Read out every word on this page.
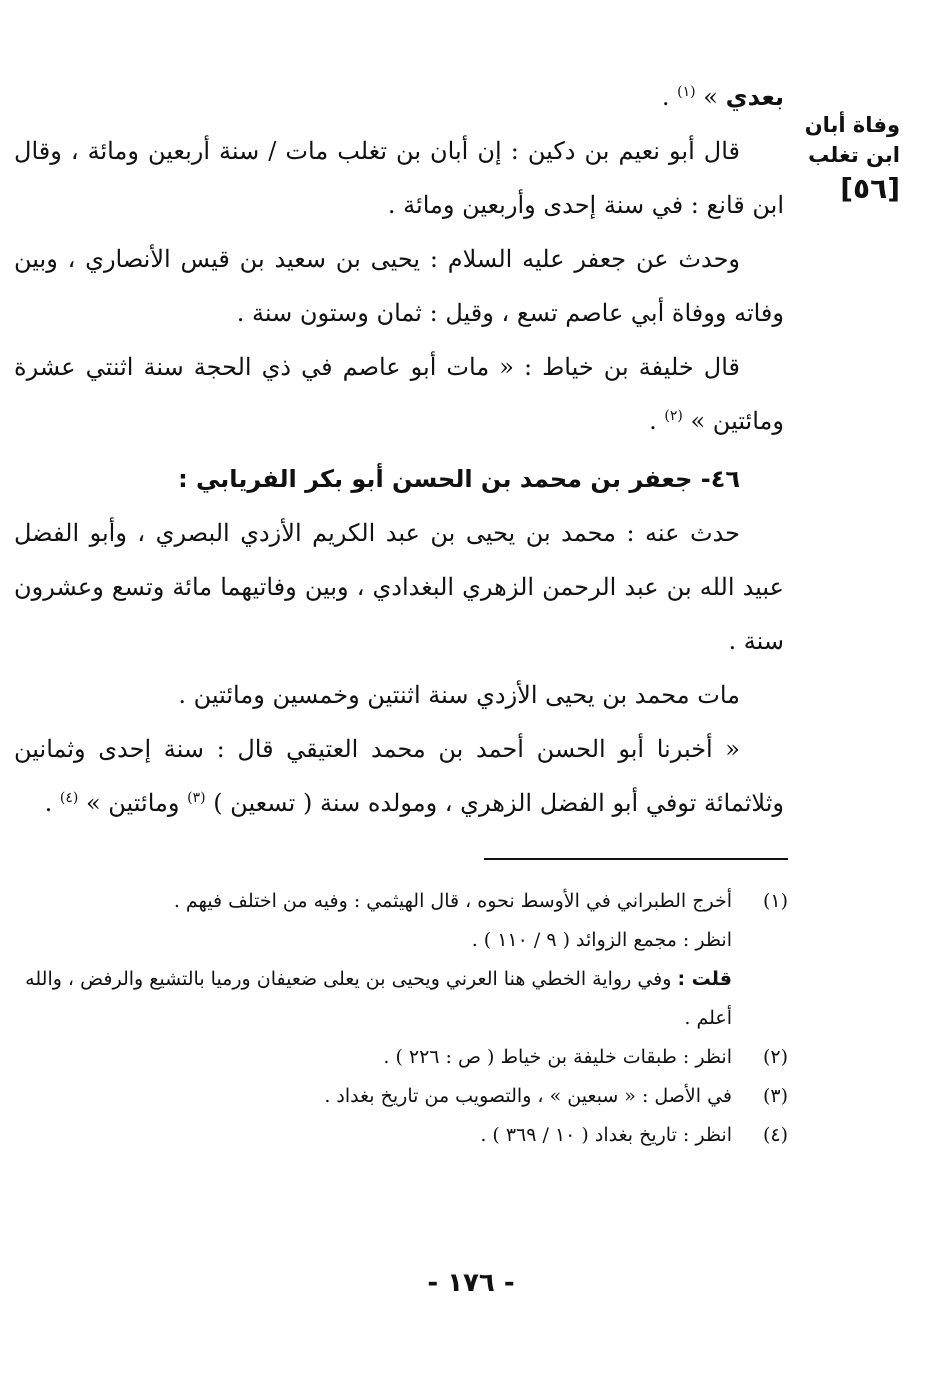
وفاة أبان
ابن تغلب
[٥٦]

بعدي » $^{(١)}$ .

قال أبو نعيم بن دكين : إن أبان بن تغلب مات / سنة أربعين ومائة ، وقال ابن قانع : في سنة إحدى وأربعين ومائة .

وحدث عن جعفر عليه السلام : يحيى بن سعيد بن قيس الأنصاري ، وبين وفاته ووفاة أبي عاصم تسع ، وقيل : ثمان وستون سنة .

قال خليفة بن خياط : « مات أبو عاصم في ذي الحجة سنة اثنتي عشرة ومائتين » $^{(٢)}$ .

٤٦- جعفر بن محمد بن الحسن أبو بكر الفريابي :

حدث عنه : محمد بن يحيى بن عبد الكريم الأزدي البصري ، وأبو الفضل عبيد الله بن عبد الرحمن الزهري البغدادي ، وبين وفاتيهما مائة وتسع وعشرون سنة .

مات محمد بن يحيى الأزدي سنة اثنتين وخمسين ومائتين .

« أخبرنا أبو الحسن أحمد بن محمد العتيقي قال : سنة إحدى وثمانين وثلاثمائة توفي أبو الفضل الزهري ، ومولده سنة ( تسعين ) $^{(٣)}$ ومائتين » $^{(٤)}$ .

(١)
أخرج الطبراني في الأوسط نحوه ، قال الهيثمي : وفيه من اختلف فيهم .
انظر : مجمع الزوائد ( ٩ / ١١٠ ) .
قلت : وفي رواية الخطي هنا العرني ويحيى بن يعلى ضعيفان ورميا بالتشيع والرفض ، والله أعلم .
(٢)
انظر : طبقات خليفة بن خياط ( ص : ٢٢٦ ) .
(٣)
في الأصل : « سبعين » ، والتصويب من تاريخ بغداد .
(٤)
انظر : تاريخ بغداد ( ١٠ / ٣٦٩ ) .
- ١٧٦ -
